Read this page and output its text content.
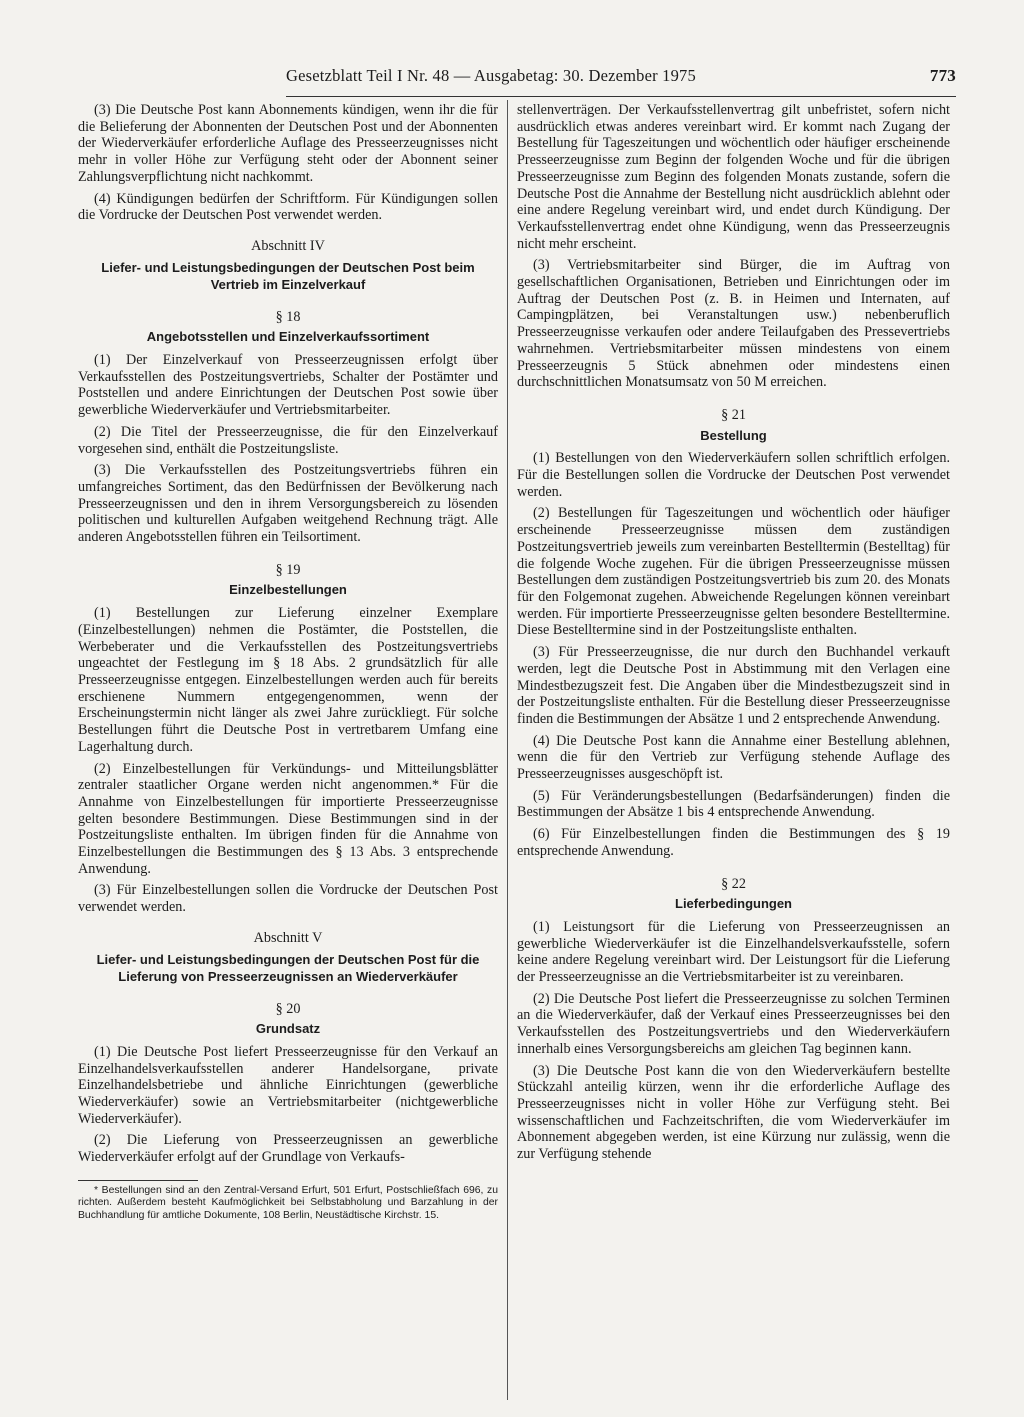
Gesetzblatt Teil I Nr. 48 — Ausgabetag: 30. Dezember 1975	773

(3) Die Deutsche Post kann Abonnements kündigen, wenn ihr die für die Belieferung der Abonnenten der Deutschen Post und der Abonnenten der Wiederverkäufer erforderliche Auflage des Presseerzeugnisses nicht mehr in voller Höhe zur Verfügung steht oder der Abonnent seiner Zahlungsverpflichtung nicht nachkommt.

(4) Kündigungen bedürfen der Schriftform. Für Kündigungen sollen die Vordrucke der Deutschen Post verwendet werden.

Abschnitt IV
Liefer- und Leistungsbedingungen der Deutschen Post beim Vertrieb im Einzelverkauf
§ 18
Angebotsstellen und Einzelverkaufssortiment

(1) Der Einzelverkauf von Presseerzeugnissen erfolgt über Verkaufsstellen des Postzeitungsvertriebs, Schalter der Postämter und Poststellen und andere Einrichtungen der Deutschen Post sowie über gewerbliche Wiederverkäufer und Vertriebsmitarbeiter.

(2) Die Titel der Presseerzeugnisse, die für den Einzelverkauf vorgesehen sind, enthält die Postzeitungsliste.

(3) Die Verkaufsstellen des Postzeitungsvertriebs führen ein umfangreiches Sortiment, das den Bedürfnissen der Bevölkerung nach Presseerzeugnissen und den in ihrem Versorgungsbereich zu lösenden politischen und kulturellen Aufgaben weitgehend Rechnung trägt. Alle anderen Angebotsstellen führen ein Teilsortiment.

§ 19
Einzelbestellungen

(1) Bestellungen zur Lieferung einzelner Exemplare (Einzelbestellungen) nehmen die Postämter, die Poststellen, die Werbeberater und die Verkaufsstellen des Postzeitungsvertriebs ungeachtet der Festlegung im § 18 Abs. 2 grundsätzlich für alle Presseerzeugnisse entgegen. Einzelbestellungen werden auch für bereits erschienene Nummern entgegengenommen, wenn der Erscheinungstermin nicht länger als zwei Jahre zurückliegt. Für solche Bestellungen führt die Deutsche Post in vertretbarem Umfang eine Lagerhaltung durch.

(2) Einzelbestellungen für Verkündungs- und Mitteilungsblätter zentraler staatlicher Organe werden nicht angenommen.* Für die Annahme von Einzelbestellungen für importierte Presseerzeugnisse gelten besondere Bestimmungen. Diese Bestimmungen sind in der Postzeitungsliste enthalten. Im übrigen finden für die Annahme von Einzelbestellungen die Bestimmungen des § 13 Abs. 3 entsprechende Anwendung.

(3) Für Einzelbestellungen sollen die Vordrucke der Deutschen Post verwendet werden.

Abschnitt V
Liefer- und Leistungsbedingungen der Deutschen Post für die Lieferung von Presseerzeugnissen an Wiederverkäufer
§ 20
Grundsatz

(1) Die Deutsche Post liefert Presseerzeugnisse für den Verkauf an Einzelhandelsverkaufsstellen anderer Handelsorgane, private Einzelhandelsbetriebe und ähnliche Einrichtungen (gewerbliche Wiederverkäufer) sowie an Vertriebsmitarbeiter (nichtgewerbliche Wiederverkäufer).

(2) Die Lieferung von Presseerzeugnissen an gewerbliche Wiederverkäufer erfolgt auf der Grundlage von Verkaufs-

* Bestellungen sind an den Zentral-Versand Erfurt, 501 Erfurt, Postschließfach 696, zu richten. Außerdem besteht Kaufmöglichkeit bei Selbstabholung und Barzahlung in der Buchhandlung für amtliche Dokumente, 108 Berlin, Neustädtische Kirchstr. 15.

stellenverträgen. Der Verkaufsstellenvertrag gilt unbefristet, sofern nicht ausdrücklich etwas anderes vereinbart wird. Er kommt nach Zugang der Bestellung für Tageszeitungen und wöchentlich oder häufiger erscheinende Presseerzeugnisse zum Beginn der folgenden Woche und für die übrigen Presseerzeugnisse zum Beginn des folgenden Monats zustande, sofern die Deutsche Post die Annahme der Bestellung nicht ausdrücklich ablehnt oder eine andere Regelung vereinbart wird, und endet durch Kündigung. Der Verkaufsstellenvertrag endet ohne Kündigung, wenn das Presseerzeugnis nicht mehr erscheint.

(3) Vertriebsmitarbeiter sind Bürger, die im Auftrag von gesellschaftlichen Organisationen, Betrieben und Einrichtungen oder im Auftrag der Deutschen Post (z. B. in Heimen und Internaten, auf Campingplätzen, bei Veranstaltungen usw.) nebenberuflich Presseerzeugnisse verkaufen oder andere Teilaufgaben des Pressevertriebs wahrnehmen. Vertriebsmitarbeiter müssen mindestens von einem Presseerzeugnis 5 Stück abnehmen oder mindestens einen durchschnittlichen Monatsumsatz von 50 M erreichen.

§ 21
Bestellung

(1) Bestellungen von den Wiederverkäufern sollen schriftlich erfolgen. Für die Bestellungen sollen die Vordrucke der Deutschen Post verwendet werden.

(2) Bestellungen für Tageszeitungen und wöchentlich oder häufiger erscheinende Presseerzeugnisse müssen dem zuständigen Postzeitungsvertrieb jeweils zum vereinbarten Bestelltermin (Bestelltag) für die folgende Woche zugehen. Für die übrigen Presseerzeugnisse müssen Bestellungen dem zuständigen Postzeitungsvertrieb bis zum 20. des Monats für den Folgemonat zugehen. Abweichende Regelungen können vereinbart werden. Für importierte Presseerzeugnisse gelten besondere Bestelltermine. Diese Bestelltermine sind in der Postzeitungsliste enthalten.

(3) Für Presseerzeugnisse, die nur durch den Buchhandel verkauft werden, legt die Deutsche Post in Abstimmung mit den Verlagen eine Mindestbezugszeit fest. Die Angaben über die Mindestbezugszeit sind in der Postzeitungsliste enthalten. Für die Bestellung dieser Presseerzeugnisse finden die Bestimmungen der Absätze 1 und 2 entsprechende Anwendung.

(4) Die Deutsche Post kann die Annahme einer Bestellung ablehnen, wenn die für den Vertrieb zur Verfügung stehende Auflage des Presseerzeugnisses ausgeschöpft ist.

(5) Für Veränderungsbestellungen (Bedarfsänderungen) finden die Bestimmungen der Absätze 1 bis 4 entsprechende Anwendung.

(6) Für Einzelbestellungen finden die Bestimmungen des § 19 entsprechende Anwendung.

§ 22
Lieferbedingungen

(1) Leistungsort für die Lieferung von Presseerzeugnissen an gewerbliche Wiederverkäufer ist die Einzelhandelsverkaufsstelle, sofern keine andere Regelung vereinbart wird. Der Leistungsort für die Lieferung der Presseerzeugnisse an die Vertriebsmitarbeiter ist zu vereinbaren.

(2) Die Deutsche Post liefert die Presseerzeugnisse zu solchen Terminen an die Wiederverkäufer, daß der Verkauf eines Presseerzeugnisses bei den Verkaufsstellen des Postzeitungsvertriebs und den Wiederverkäufern innerhalb eines Versorgungsbereichs am gleichen Tag beginnen kann.

(3) Die Deutsche Post kann die von den Wiederverkäufern bestellte Stückzahl anteilig kürzen, wenn ihr die erforderliche Auflage des Presseerzeugnisses nicht in voller Höhe zur Verfügung steht. Bei wissenschaftlichen und Fachzeitschriften, die vom Wiederverkäufer im Abonnement abgegeben werden, ist eine Kürzung nur zulässig, wenn die zur Verfügung stehende
